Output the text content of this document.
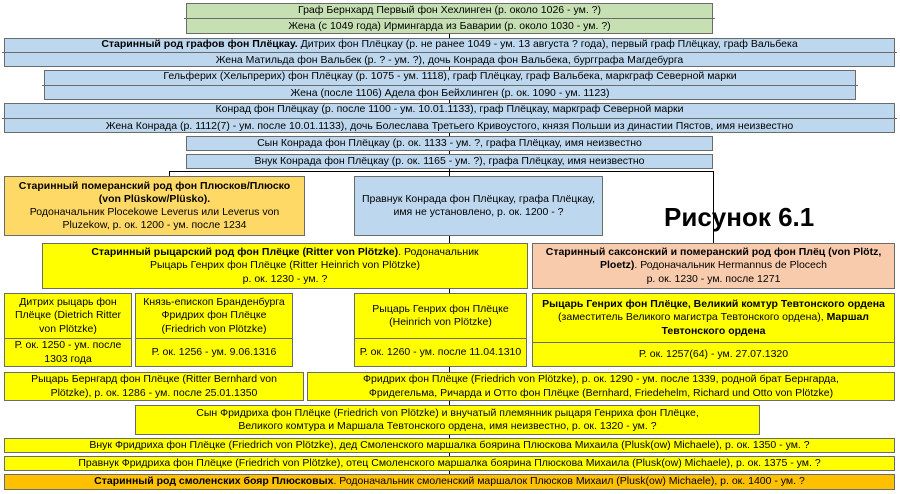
Граф Бернхард Первый фон Хехлинген (р. около 1026 - ум. ?)
Жена (с 1049 года) Ирмингарда из Баварии (р. около 1030 - ум. ?)
Старинный род графов фон Плёцкау. Дитрих фон Плёцкау (р. не ранее 1049 - ум. 13 августа ? года), первый граф Плёцкау, граф Вальбека
Жена Матильда фон Вальбек (р. ? - ум. ?), дочь Конрада фон Вальбека, бургграфа Магдебурга
Гельферих (Хельпрерих) фон Плёцкау (р. 1075 - ум. 1118), граф Плёцкау, граф Вальбека, маркграф Северной марки
Жена (после 1106) Адела фон Бейхлинген (р. ок. 1090 - ум. 1123)
Конрад фон Плёцкау (р. после 1100 - ум. 10.01.1133), граф Плёцкау, маркграф Северной марки
Жена Конрада (р. 1112(7) - ум. после 10.01.1133), дочь Болеслава Третьего Кривоустого, князя Польши из династии Пястов, имя неизвестно
Сын Конрада фон Плёцкау (р. ок. 1133 - ум. ?, графа Плёцкау, имя неизвестно
Внук Конрада фон Плёцкау (р. ок. 1165 - ум. ?), графа Плёцкау, имя неизвестно
Старинный померанский род фон Плюсков/Плюско (von Plüskow/Plüsko).
Родоначальник Plocekowe Leverus или Leverus von Pluzekow, р. ок. 1200 - ум. после 1234
Правнук Конрада фон Плёцкау, графа Плёцкау, имя не установлено, р. ок. 1200 - ?	Рисунок 6.1
Старинный рыцарский род фон Плёцке (Ritter von Plötzke). Родоначальник
Рыцарь Генрих фон Плёцке (Ritter Heinrich von Plötzke)
р. ок. 1230 - ум. ?
Старинный саксонский и померанский род фон Плёц (von Plötz, Ploetz). Родоначальник Hermannus de Plocech
р. ок. 1230 - ум. после 1271
Дитрих рыцарь фон Плёцке (Dietrich Ritter von Plötzke)
Р. ок. 1250 - ум. после 1303 года
Князь-епископ Бранденбурга Фридрих фон Плёцке (Friedrich von Plötzke)
Р. ок. 1256 - ум. 9.06.1316
Рыцарь Генрих фон Плёцке (Heinrich von Plötzke)
Р. ок. 1260 - ум. после 11.04.1310
Рыцарь Генрих фон Плёцке, Великий комтур Тевтонского ордена (заместитель Великого магистра Тевтонского ордена), Маршал Тевтонского ордена
Р. ок. 1257(64) - ум. 27.07.1320
Рыцарь Бернгард фон Плёцке (Ritter Bernhard von
Plötzke), р. ок. 1286 - ум. после 25.01.1350
Фридрих фон Плёцке (Friedrich von Plötzke), р. ок. 1290 - ум. после 1339, родной брат Бернгарда,
Фридегельма, Ричарда и Отто фон Плёцке (Bernhard, Friedehelm, Richard und Otto von Plötzke)
Сын Фридриха фон Плёцке (Friedrich von Plötzke) и внучатый племянник рыцаря Генриха фон Плёцке,
Великого комтура и Маршала Тевтонского ордена, имя неизвестно, р. ок. 1320 - ум. ?
Внук Фридриха фон Плёцке (Friedrich von Plötzke), дед Смоленского маршалка боярина Плюскова Михаила (Plusk(ow) Michaele), р. ок. 1350 - ум. ?
Правнук Фридриха фон Плёцке (Friedrich von Plötzke), отец Смоленского маршалка боярина Плюскова Михаила (Plusk(ow) Michaele), р. ок. 1375 - ум. ?
Старинный род смоленских бояр Плюсковых. Родоначальник смоленский маршалок Плюсков Михаил (Plusk(ow) Michaele), р. ок. 1400 - ум. ?
